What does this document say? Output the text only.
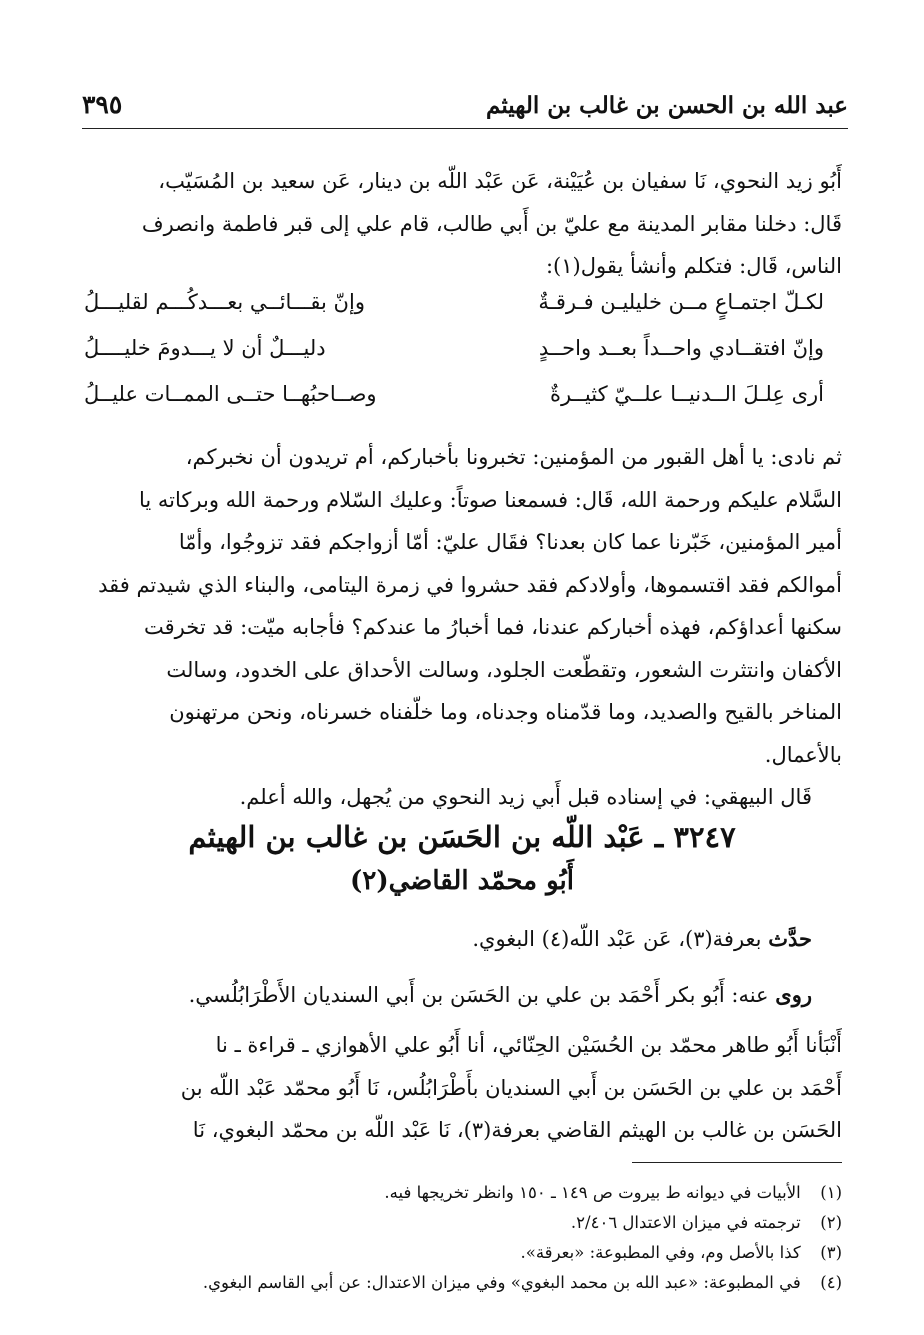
عبد الله بن الحسن بن غالب بن الهيثم
٣٩٥
أَبُو زيد النحوي، نَا سفيان بن عُيَيْنة، عَن عَبْد اللّه بن دينار، عَن سعيد بن المُسَيّب،
قَال: دخلنا مقابر المدينة مع عليّ بن أَبي طالب، قام علي إلى قبر فاطمة وانصرف
الناس، قَال: فتكلم وأنشأ يقول(١):
لكـلّ اجتمـاعٍ مــن خليليـن فـرقـةٌ
وإنّ بقـــائــي بعـــدكُـــم لقليـــلُ
وإنّ افتقــادي واحــداً بعــد واحــدٍ
دليـــلٌ أن لا يـــدومَ خليــــلُ
أرى عِلـلَ الــدنيــا علــيّ كثيــرةٌ
وصــاحبُهــا حتــى الممــات عليــلُ
ثم نادى: يا أهل القبور من المؤمنين: تخبرونا بأخباركم، أم تريدون أن نخبركم،
السَّلام عليكم ورحمة الله، قَال: فسمعنا صوتاً: وعليك السّلام ورحمة الله وبركاته يا
أمير المؤمنين، خَبّرنا عما كان بعدنا؟ فقَال عليّ: أمّا أزواجكم فقد تزوجُوا، وأمّا
أموالكم فقد اقتسموها، وأولادكم فقد حشروا في زمرة اليتامى، والبناء الذي شيدتم فقد
سكنها أعداؤكم، فهذه أخباركم عندنا، فما أخبارُ ما عندكم؟ فأجابه ميّت: قد تخرقت
الأكفان وانتثرت الشعور، وتقطّعت الجلود، وسالت الأحداق على الخدود، وسالت
المناخر بالقيح والصديد، وما قدّمناه وجدناه، وما خلّفناه خسرناه، ونحن مرتهنون
بالأعمال.
قَال البيهقي: في إسناده قبل أَبي زيد النحوي من يُجهل، والله أعلم.
٣٢٤٧ ـ عَبْد اللّه بن الحَسَن بن غالب بن الهيثم
أَبُو محمّد القاضي(٢)
حدَّث بعرفة(٣)، عَن عَبْد اللّه(٤) البغوي.
روى عنه: أَبُو بكر أَحْمَد بن علي بن الحَسَن بن أَبي السنديان الأَطْرَابُلُسي.
أَنْبَأنا أَبُو طاهر محمّد بن الحُسَيْن الحِنّائي، أنا أَبُو علي الأهوازي ـ قراءة ـ نا
أَحْمَد بن علي بن الحَسَن بن أَبي السنديان بأَطْرَابُلُس، نَا أَبُو محمّد عَبْد اللّه بن
الحَسَن بن غالب بن الهيثم القاضي بعرفة(٣)، نَا عَبْد اللّه بن محمّد البغوي، نَا
(١) الأبيات في ديوانه ط بيروت ص ١٤٩ ـ ١٥٠ وانظر تخريجها فيه.
(٢) ترجمته في ميزان الاعتدال ٢/٤٠٦.
(٣) كذا بالأصل وم، وفي المطبوعة: «بعرقة».
(٤) في المطبوعة: «عبد الله بن محمد البغوي» وفي ميزان الاعتدال: عن أبي القاسم البغوي.
